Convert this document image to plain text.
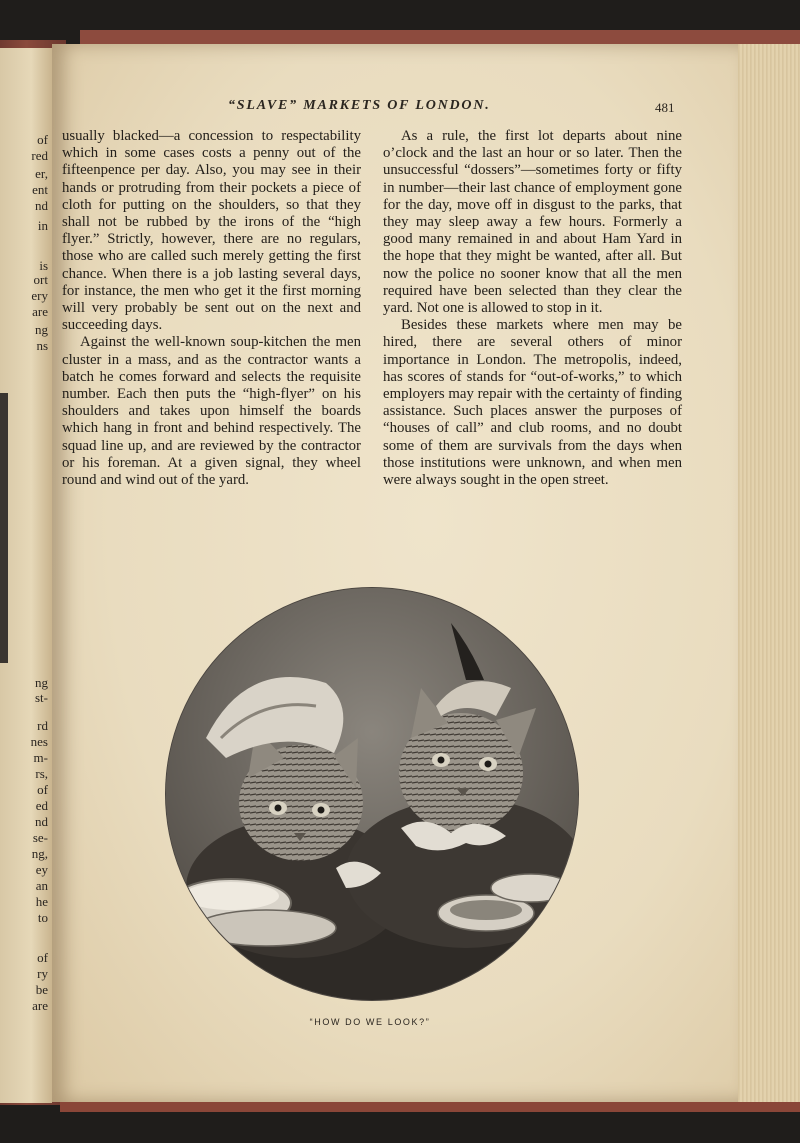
of
red
er,
ent
nd
in
is
ort
ery
are
ng
ns
ng
st-
rd
nes
m-
rs,
of
ed
nd
se-
ng,
ey
an
he
to
of
ry
be
are
“SLAVE” MARKETS OF LONDON.	481

usually blacked—a concession to respectability which in some cases costs a penny out of the fifteenpence per day. Also, you may see in their hands or protruding from their pockets a piece of cloth for putting on the shoulders, so that they shall not be rubbed by the irons of the “high flyer.” Strictly, however, there are no regulars, those who are called such merely getting the first chance. When there is a job lasting several days, for instance, the men who get it the first morning will very probably be sent out on the next and succeeding days.

Against the well-known soup-kitchen the men cluster in a mass, and as the contractor wants a batch he comes forward and selects the requisite number. Each then puts the “high-flyer” on his shoulders and takes upon himself the boards which hang in front and behind respectively. The squad line up, and are reviewed by the contractor or his foreman. At a given signal, they wheel round and wind out of the yard.

As a rule, the first lot departs about nine o’clock and the last an hour or so later. Then the unsuccessful “dossers”—sometimes forty or fifty in number—their last chance of employment gone for the day, move off in disgust to the parks, that they may sleep away a few hours. Formerly a good many remained in and about Ham Yard in the hope that they might be wanted, after all. But now the police no sooner know that all the men required have been selected than they clear the yard. Not one is allowed to stop in it.

Besides these markets where men may be hired, there are several others of minor importance in London. The metropolis, indeed, has scores of stands for “out-of-works,” to which employers may repair with the certainty of finding assistance. Such places answer the purposes of “houses of call” and club rooms, and no doubt some of them are survivals from the days when those institutions were unknown, and when men were always sought in the open street.

“HOW DO WE LOOK?”
